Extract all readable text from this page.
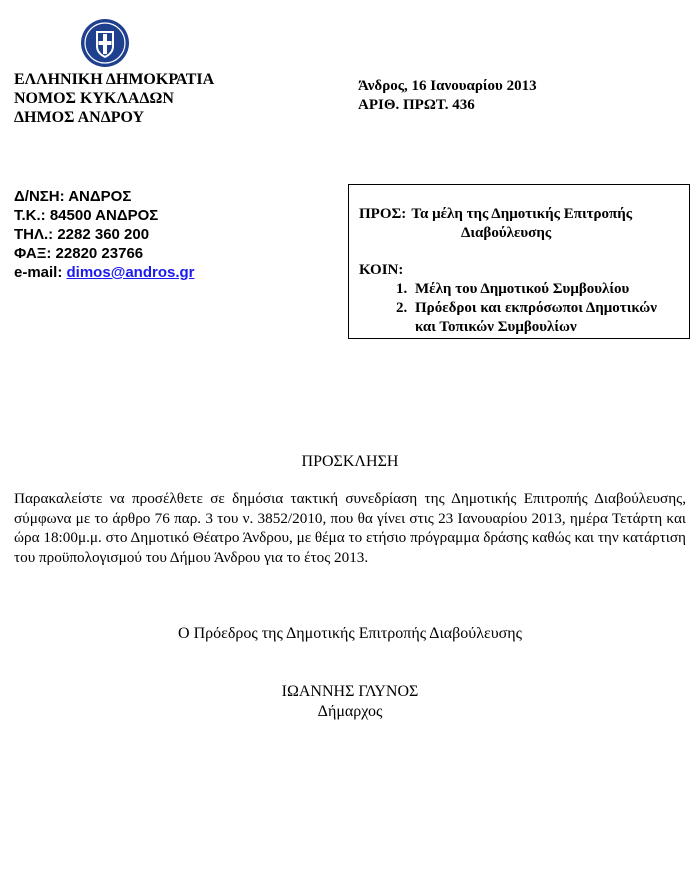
ΕΛΛΗΝΙΚΗ ΔΗΜΟΚΡΑΤΙΑ
ΝΟΜΟΣ ΚΥΚΛΑΔΩΝ
ΔΗΜΟΣ ΑΝΔΡΟΥ
Άνδρος, 16 Ιανουαρίου 2013
ΑΡΙΘ. ΠΡΩΤ. 436
Δ/ΝΣΗ: ΑΝΔΡΟΣ
Τ.Κ.: 84500 ΑΝΔΡΟΣ
ΤΗΛ.: 2282 360 200
ΦΑΞ: 22820 23766
e-mail: dimos@andros.gr
ΠΡΟΣ: Τα μέλη της Δημοτικής Επιτροπής
Διαβούλευσης
ΚΟΙΝ:
1. Μέλη του Δημοτικού Συμβουλίου
2. Πρόεδροι και εκπρόσωποι Δημοτικών και Τοπικών Συμβουλίων
ΠΡΟΣΚΛΗΣΗ
Παρακαλείστε να προσέλθετε σε δημόσια τακτική συνεδρίαση της Δημοτικής Επιτροπής Διαβούλευσης, σύμφωνα με το άρθρο 76 παρ. 3 του ν. 3852/2010, που θα γίνει στις 23 Ιανουαρίου 2013, ημέρα Τετάρτη και ώρα 18:00μ.μ. στο Δημοτικό Θέατρο Άνδρου, με θέμα το ετήσιο πρόγραμμα δράσης καθώς και την κατάρτιση του προϋπολογισμού του Δήμου Άνδρου για το έτος 2013.
Ο Πρόεδρος της Δημοτικής Επιτροπής Διαβούλευσης
ΙΩΑΝΝΗΣ ΓΛΥΝΟΣ
Δήμαρχος
